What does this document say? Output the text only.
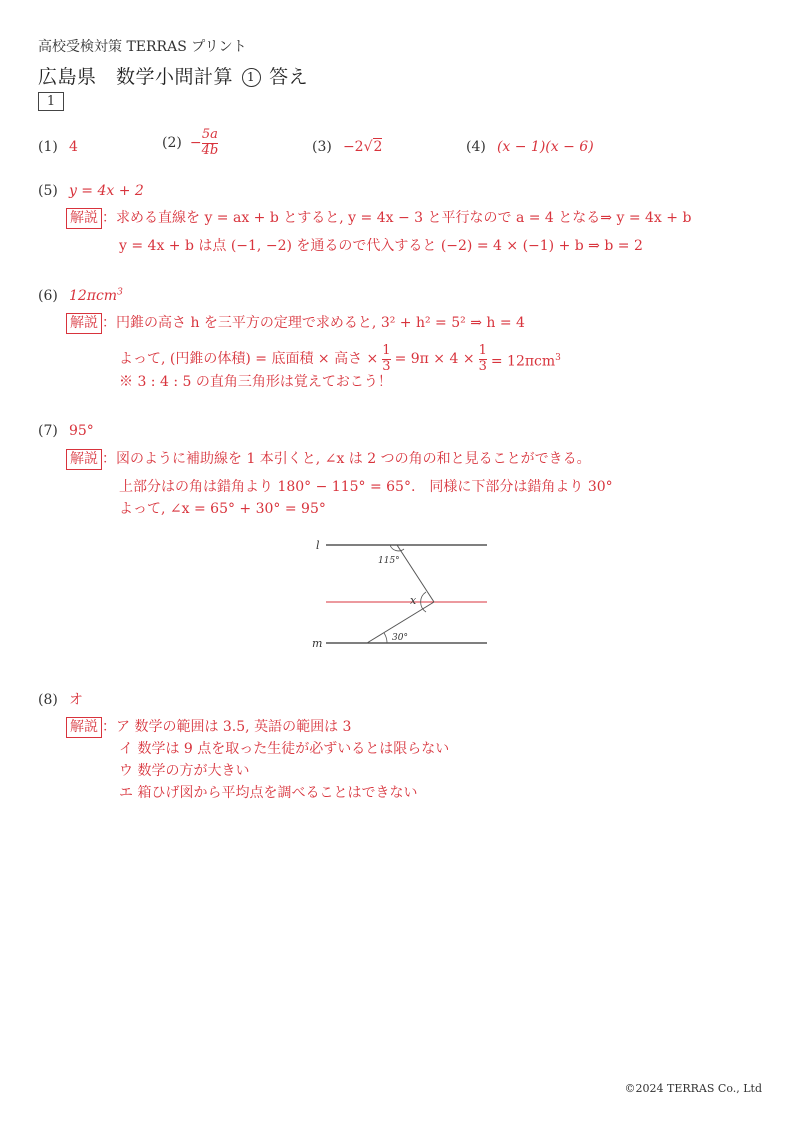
高校受検対策 TERRAS プリント
広島県　数学小問計算 1 答え
1
(1) 4	$(2) - \frac{5a}{4b}$	(3) −2√2	(4) (x − 1)(x − 6)
(5) y = 4x + 2
解説 ：求める直線を y = ax + b とすると, y = 4x − 3 と平行なので a = 4 となる⇒ y = 4x + b
y = 4x + b は点 (−1, −2) を通るので代入すると (−2) = 4 × (−1) + b ⇒ b = 2
(6) 12πcm$^3$
解説 ：円錐の高さ h を三平方の定理で求めると, 3² + h² = 5² ⇒ h = 4
よって, (円錐の体積) = 底面積 × 高さ × $\frac{1}{3} = 9\pi \times 4 \times \frac{1}{3} = 12\pi cm^3$
※ 3 : 4 : 5 の直角三角形は覚えておこう！
(7) 95°
解説 ：図のように補助線を 1 本引くと, ∠x は 2 つの角の和と見ることができる。
上部分はの角は錯角より 180° − 115° = 65°.　同様に下部分は錯角より 30°
よって, ∠x = 65° + 30° = 95°
l
m
115°
x
30°
(8) オ
解説 ：ア 数学の範囲は 3.5, 英語の範囲は 3
イ 数学は 9 点を取った生徒が必ずいるとは限らない
ウ 数学の方が大きい
エ 箱ひげ図から平均点を調べることはできない
©2024 TERRAS Co., Ltd
